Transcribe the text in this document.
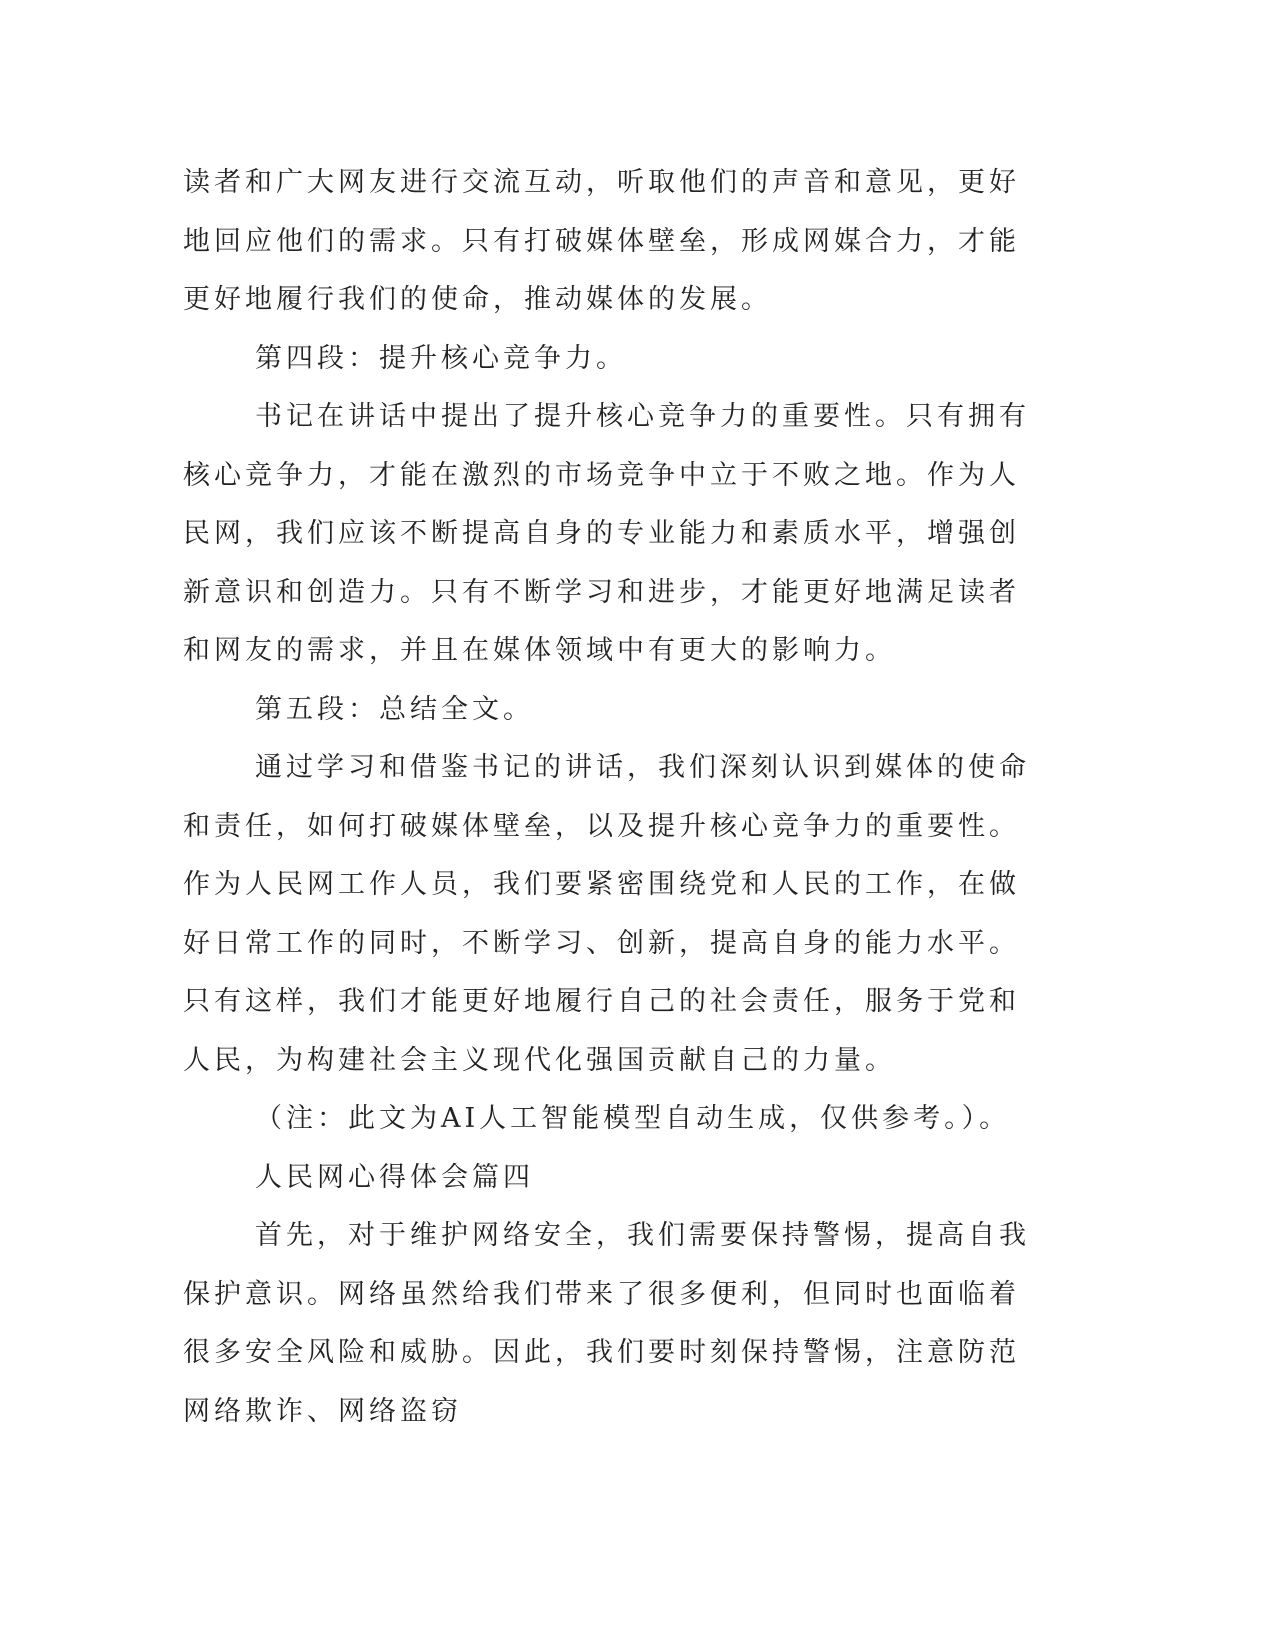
读者和广大网友进行交流互动，听取他们的声音和意见，更好地回应他们的需求。只有打破媒体壁垒，形成网媒合力，才能更好地履行我们的使命，推动媒体的发展。

第四段：提升核心竞争力。

书记在讲话中提出了提升核心竞争力的重要性。只有拥有核心竞争力，才能在激烈的市场竞争中立于不败之地。作为人民网，我们应该不断提高自身的专业能力和素质水平，增强创新意识和创造力。只有不断学习和进步，才能更好地满足读者和网友的需求，并且在媒体领域中有更大的影响力。

第五段：总结全文。

通过学习和借鉴书记的讲话，我们深刻认识到媒体的使命和责任，如何打破媒体壁垒，以及提升核心竞争力的重要性。作为人民网工作人员，我们要紧密围绕党和人民的工作，在做好日常工作的同时，不断学习、创新，提高自身的能力水平。只有这样，我们才能更好地履行自己的社会责任，服务于党和人民，为构建社会主义现代化强国贡献自己的力量。

（注：此文为AI人工智能模型自动生成，仅供参考。）。

人民网心得体会篇四

首先，对于维护网络安全，我们需要保持警惕，提高自我保护意识。网络虽然给我们带来了很多便利，但同时也面临着很多安全风险和威胁。因此，我们要时刻保持警惕，注意防范网络欺诈、网络盗窃
